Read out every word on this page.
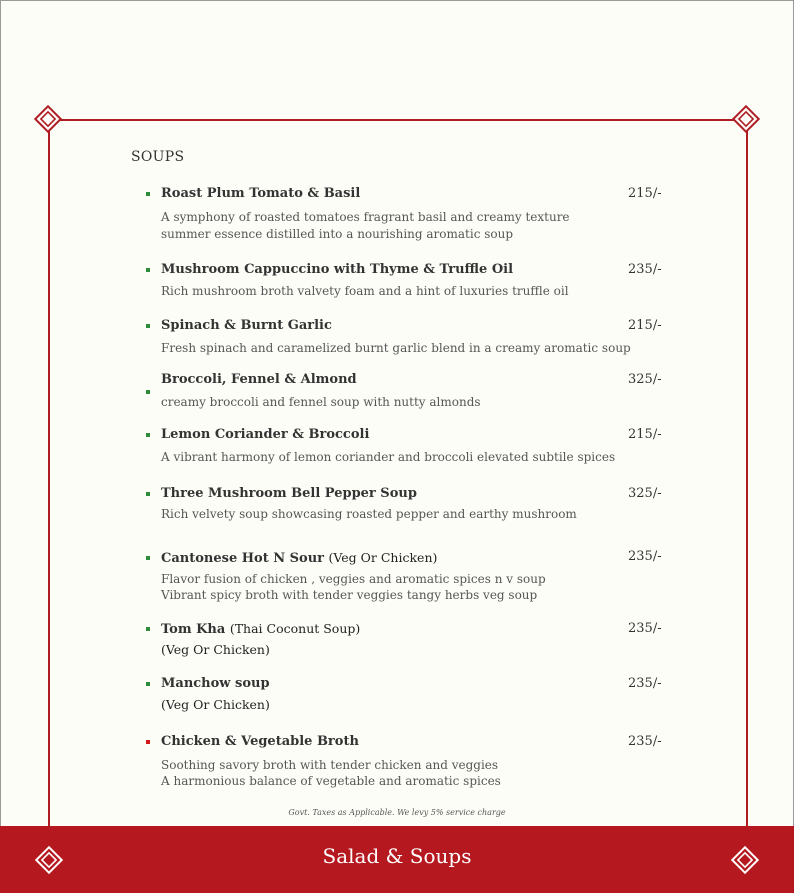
SOUPS
Roast Plum Tomato & Basil	215/-
A symphony of roasted tomatoes fragrant basil and creamy texture
summer essence distilled into a nourishing aromatic soup
Mushroom Cappuccino with Thyme & Truffle Oil	235/-
Rich mushroom broth valvety foam and a hint of luxuries truffle oil
Spinach & Burnt Garlic	215/-
Fresh spinach and caramelized burnt garlic blend in a creamy aromatic soup
Broccoli, Fennel & Almond	325/-
creamy broccoli and fennel soup with nutty almonds
Lemon Coriander & Broccoli	215/-
A vibrant harmony of lemon coriander and broccoli elevated subtile spices
Three Mushroom Bell Pepper Soup	325/-
Rich velvety soup showcasing roasted pepper and earthy mushroom
Cantonese Hot N Sour (Veg Or Chicken)	235/-
Flavor fusion of chicken , veggies and aromatic spices n v soup
Vibrant spicy broth with tender veggies tangy herbs veg soup
Tom Kha (Thai Coconut Soup)	235/-
(Veg Or Chicken)
Manchow soup	235/-
(Veg Or Chicken)
Chicken & Vegetable Broth	235/-
Soothing savory broth with tender chicken and veggies
A harmonious balance of vegetable and aromatic spices
Govt. Taxes as Applicable. We levy 5% service charge
Salad & Soups
